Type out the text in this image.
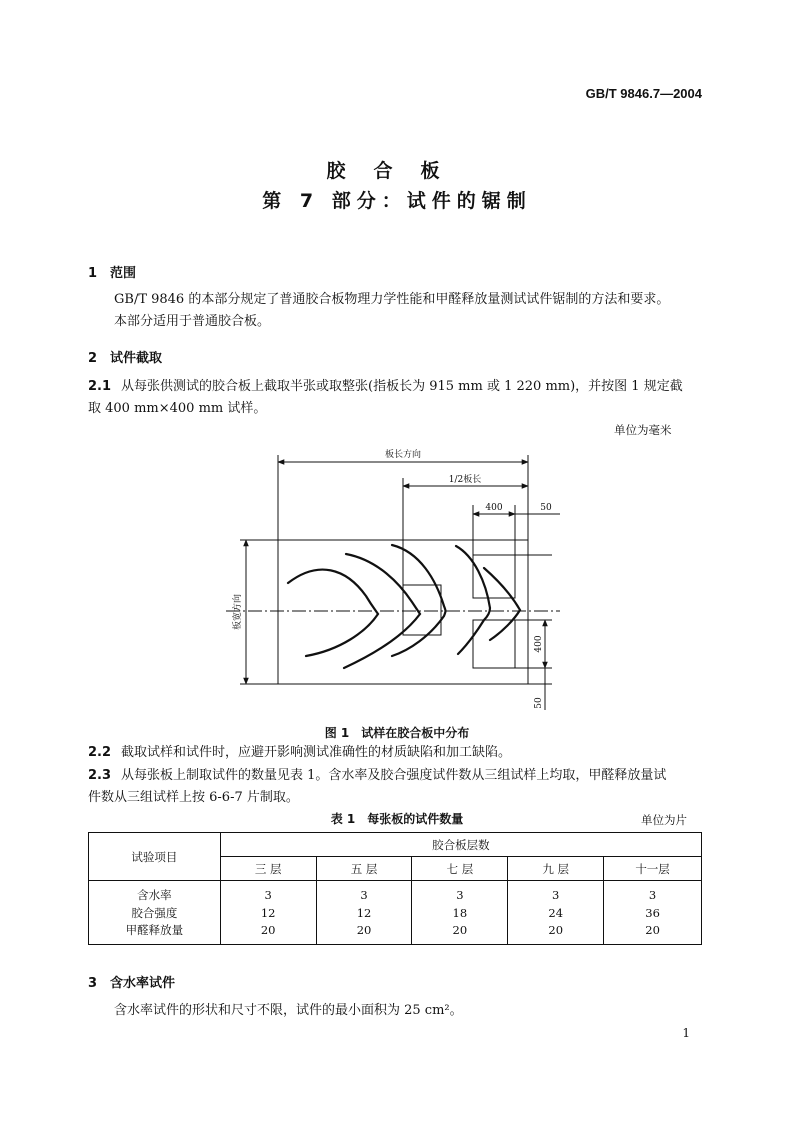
GB/T 9846.7—2004
胶合板
第 7 部分：试件的锯制
1 范围
GB/T 9846 的本部分规定了普通胶合板物理力学性能和甲醛释放量测试试件锯制的方法和要求。
本部分适用于普通胶合板。
2 试件截取
2.1 从每张供测试的胶合板上截取半张或取整张(指板长为 915 mm 或 1 220 mm)，并按图 1 规定截
取 400 mm×400 mm 试样。
单位为毫米
板长方向
1/2板长
400	50
板宽方向
400
50
图 1　试样在胶合板中分布
2.2 截取试样和试件时，应避开影响测试准确性的材质缺陷和加工缺陷。
2.3 从每张板上制取试件的数量见表 1。含水率及胶合强度试件数从三组试样上均取，甲醛释放量试
件数从三组试样上按 6-6-7 片制取。
表 1　每张板的试件数量	单位为片
试验项目	胶合板层数				
	三 层	五 层	七 层	九 层	十一层
含水率	3	3	3	3	3
胶合强度	12	12	18	24	36
甲醛释放量	20	20	20	20	20
3 含水率试件
含水率试件的形状和尺寸不限，试件的最小面积为 25 cm²。
1
